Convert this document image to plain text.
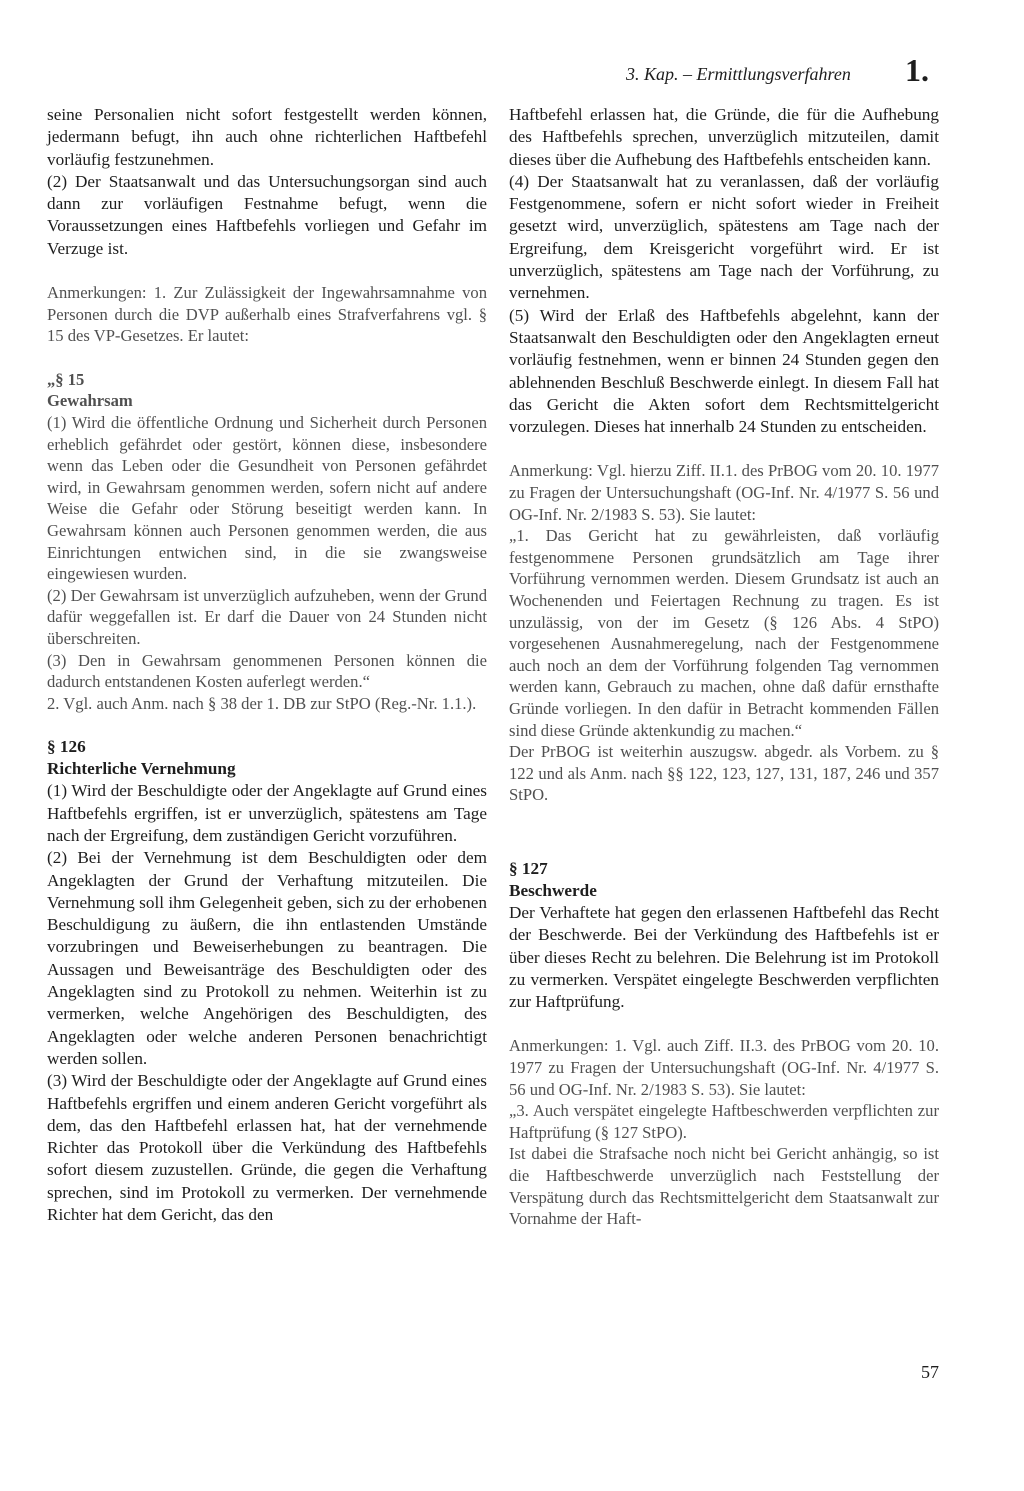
3. Kap. – Ermittlungsverfahren 1.

seine Personalien nicht sofort festgestellt werden können, jedermann befugt, ihn auch ohne richterlichen Haftbefehl vorläufig festzunehmen.

(2) Der Staatsanwalt und das Untersuchungsorgan sind auch dann zur vorläufigen Festnahme befugt, wenn die Voraussetzungen eines Haftbefehls vorliegen und Gefahr im Verzuge ist.

Anmerkungen: 1. Zur Zulässigkeit der Ingewahrsamnahme von Personen durch die DVP außerhalb eines Strafverfahrens vgl. § 15 des VP-Gesetzes. Er lautet:

„§ 15

Gewahrsam

(1) Wird die öffentliche Ordnung und Sicherheit durch Personen erheblich gefährdet oder gestört, können diese, insbesondere wenn das Leben oder die Gesundheit von Personen gefährdet wird, in Gewahrsam genommen werden, sofern nicht auf andere Weise die Gefahr oder Störung beseitigt werden kann. In Gewahrsam können auch Personen genommen werden, die aus Einrichtungen entwichen sind, in die sie zwangsweise eingewiesen wurden.

(2) Der Gewahrsam ist unverzüglich aufzuheben, wenn der Grund dafür weggefallen ist. Er darf die Dauer von 24 Stunden nicht überschreiten.

(3) Den in Gewahrsam genommenen Personen können die dadurch entstandenen Kosten auferlegt werden.“

2. Vgl. auch Anm. nach § 38 der 1. DB zur StPO (Reg.-Nr. 1.1.).

§ 126

Richterliche Vernehmung

(1) Wird der Beschuldigte oder der Angeklagte auf Grund eines Haftbefehls ergriffen, ist er unverzüglich, spätestens am Tage nach der Ergreifung, dem zuständigen Gericht vorzuführen.

(2) Bei der Vernehmung ist dem Beschuldigten oder dem Angeklagten der Grund der Verhaftung mitzuteilen. Die Vernehmung soll ihm Gelegenheit geben, sich zu der erhobenen Beschuldigung zu äußern, die ihn entlastenden Umstände vorzubringen und Beweiserhebungen zu beantragen. Die Aussagen und Beweisanträge des Beschuldigten oder des Angeklagten sind zu Protokoll zu nehmen. Weiterhin ist zu vermerken, welche Angehörigen des Beschuldigten, des Angeklagten oder welche anderen Personen benachrichtigt werden sollen.

(3) Wird der Beschuldigte oder der Angeklagte auf Grund eines Haftbefehls ergriffen und einem anderen Gericht vorgeführt als dem, das den Haftbefehl erlassen hat, hat der vernehmende Richter das Protokoll über die Verkündung des Haftbefehls sofort diesem zuzustellen. Gründe, die gegen die Verhaftung sprechen, sind im Protokoll zu vermerken. Der vernehmende Richter hat dem Gericht, das den

Haftbefehl erlassen hat, die Gründe, die für die Aufhebung des Haftbefehls sprechen, unverzüglich mitzuteilen, damit dieses über die Aufhebung des Haftbefehls entscheiden kann.

(4) Der Staatsanwalt hat zu veranlassen, daß der vorläufig Festgenommene, sofern er nicht sofort wieder in Freiheit gesetzt wird, unverzüglich, spätestens am Tage nach der Ergreifung, dem Kreisgericht vorgeführt wird. Er ist unverzüglich, spätestens am Tage nach der Vorführung, zu vernehmen.

(5) Wird der Erlaß des Haftbefehls abgelehnt, kann der Staatsanwalt den Beschuldigten oder den Angeklagten erneut vorläufig festnehmen, wenn er binnen 24 Stunden gegen den ablehnenden Beschluß Beschwerde einlegt. In diesem Fall hat das Gericht die Akten sofort dem Rechtsmittelgericht vorzulegen. Dieses hat innerhalb 24 Stunden zu entscheiden.

Anmerkung: Vgl. hierzu Ziff. II.1. des PrBOG vom 20. 10. 1977 zu Fragen der Untersuchungshaft (OG-Inf. Nr. 4/1977 S. 56 und OG-Inf. Nr. 2/1983 S. 53). Sie lautet:

„1. Das Gericht hat zu gewährleisten, daß vorläufig festgenommene Personen grundsätzlich am Tage ihrer Vorführung vernommen werden. Diesem Grundsatz ist auch an Wochenenden und Feiertagen Rechnung zu tragen. Es ist unzulässig, von der im Gesetz (§ 126 Abs. 4 StPO) vorgesehenen Ausnahmeregelung, nach der Festgenommene auch noch an dem der Vorführung folgenden Tag vernommen werden kann, Gebrauch zu machen, ohne daß dafür ernsthafte Gründe vorliegen. In den dafür in Betracht kommenden Fällen sind diese Gründe aktenkundig zu machen.“

Der PrBOG ist weiterhin auszugsw. abgedr. als Vorbem. zu § 122 und als Anm. nach §§ 122, 123, 127, 131, 187, 246 und 357 StPO.

§ 127

Beschwerde

Der Verhaftete hat gegen den erlassenen Haftbefehl das Recht der Beschwerde. Bei der Verkündung des Haftbefehls ist er über dieses Recht zu belehren. Die Belehrung ist im Protokoll zu vermerken. Verspätet eingelegte Beschwerden verpflichten zur Haftprüfung.

Anmerkungen: 1. Vgl. auch Ziff. II.3. des PrBOG vom 20. 10. 1977 zu Fragen der Untersuchungshaft (OG-Inf. Nr. 4/1977 S. 56 und OG-Inf. Nr. 2/1983 S. 53). Sie lautet:

„3. Auch verspätet eingelegte Haftbeschwerden verpflichten zur Haftprüfung (§ 127 StPO).

Ist dabei die Strafsache noch nicht bei Gericht anhängig, so ist die Haftbeschwerde unverzüglich nach Feststellung der Verspätung durch das Rechtsmittelgericht dem Staatsanwalt zur Vornahme der Haft-

57
